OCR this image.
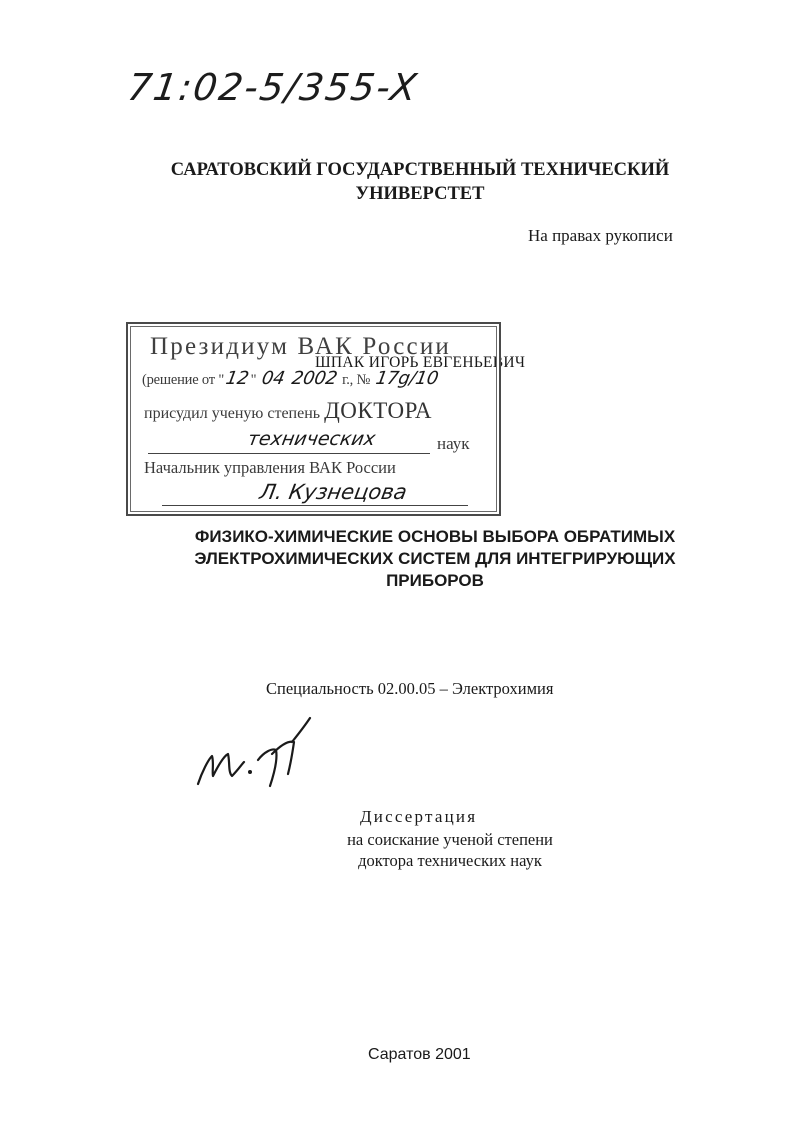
71:02-5/355-X
САРАТОВСКИЙ ГОСУДАРСТВЕННЫЙ ТЕХНИЧЕСКИЙ
УНИВЕРСТЕТ
На правах рукописи
ШПАК ИГОРЬ ЕВГЕНЬЕВИЧ
Президиум ВАК России
(решение от "12" 04 2002 г., № 17g/10
присудил ученую степень ДОКТОРА
технических	наук
Начальник управления ВАК России
Л. Кузнецова
ФИЗИКО-ХИМИЧЕСКИЕ ОСНОВЫ ВЫБОРА ОБРАТИМЫХ
ЭЛЕКТРОХИМИЧЕСКИХ СИСТЕМ ДЛЯ ИНТЕГРИРУЮЩИХ
ПРИБОРОВ
Специальность 02.00.05 – Электрохимия
Диссертация
на соискание ученой степени
доктора технических наук
Саратов 2001
